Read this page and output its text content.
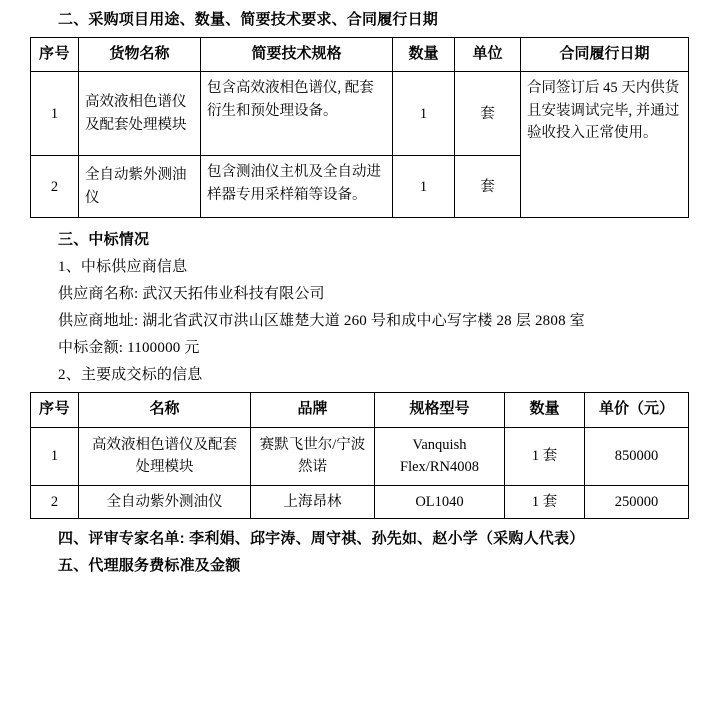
二、采购项目用途、数量、简要技术要求、合同履行日期
序号	货物名称	简要技术规格	数量	单位	合同履行日期
1	高效液相色谱仪及配套处理模块	包含高效液相色谱仪, 配套衍生和预处理设备。	1	套	合同签订后 45 天内供货且安装调试完毕, 并通过验收投入正常使用。
2	全自动紫外测油仪	包含测油仪主机及全自动进样器专用采样箱等设备。	1	套	
三、中标情况
1、中标供应商信息
供应商名称: 武汉天拓伟业科技有限公司
供应商地址: 湖北省武汉市洪山区雄楚大道 260 号和成中心写字楼 28 层 2808 室
中标金额: 1100000 元
2、主要成交标的信息
序号	名称	品牌	规格型号	数量	单价（元）
1	高效液相色谱仪及配套处理模块	赛默飞世尔/宁波然诺	Vanquish
Flex/RN4008	1 套	850000
2	全自动紫外测油仪	上海昂林	OL1040	1 套	250000
四、评审专家名单: 李利娟、邱宇涛、周守祺、孙先如、赵小学（采购人代表）
五、代理服务费标准及金额
